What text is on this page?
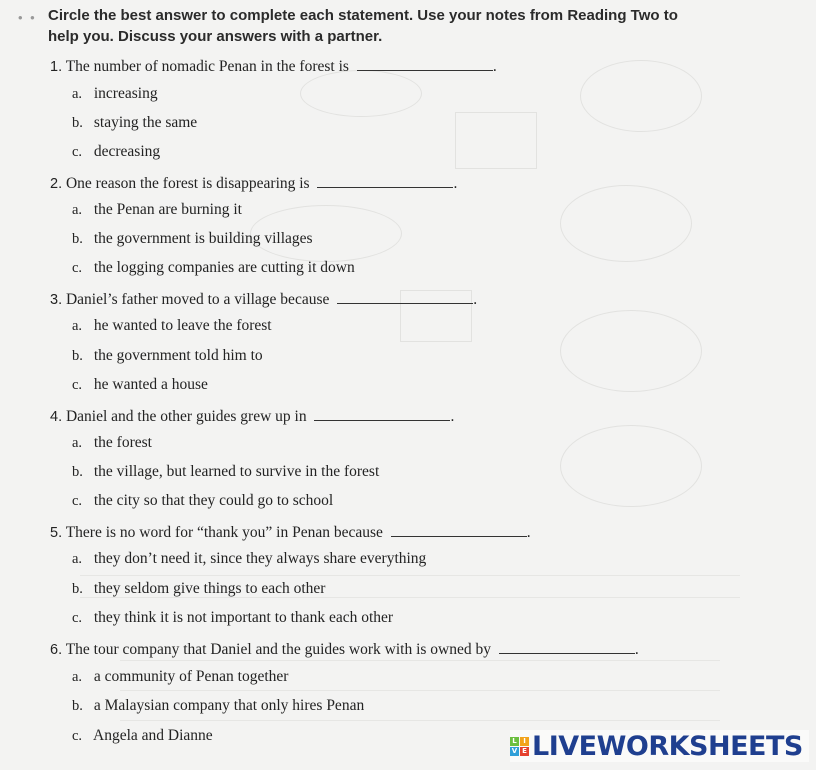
• • Circle the best answer to complete each statement. Use your notes from Reading Two to
help you. Discuss your answers with a partner.
1. The number of nomadic Penan in the forest is	.
a. increasing
b. staying the same
c. decreasing
2. One reason the forest is disappearing is	.
a. the Penan are burning it
b. the government is building villages
c. the logging companies are cutting it down
3. Daniel’s father moved to a village because	.
a. he wanted to leave the forest
b. the government told him to
c. he wanted a house
4. Daniel and the other guides grew up in	.
a. the forest
b. the village, but learned to survive in the forest
c. the city so that they could go to school
5. There is no word for “thank you” in Penan because	.
a. they don’t need it, since they always share everything
b. they seldom give things to each other
c. they think it is not important to thank each other
6. The tour company that Daniel and the guides work with is owned by	.
a. a community of Penan together
b. a Malaysian company that only hires Penan
c. Angela and Dianne	L I
V E LIVEWORKSHEETS
